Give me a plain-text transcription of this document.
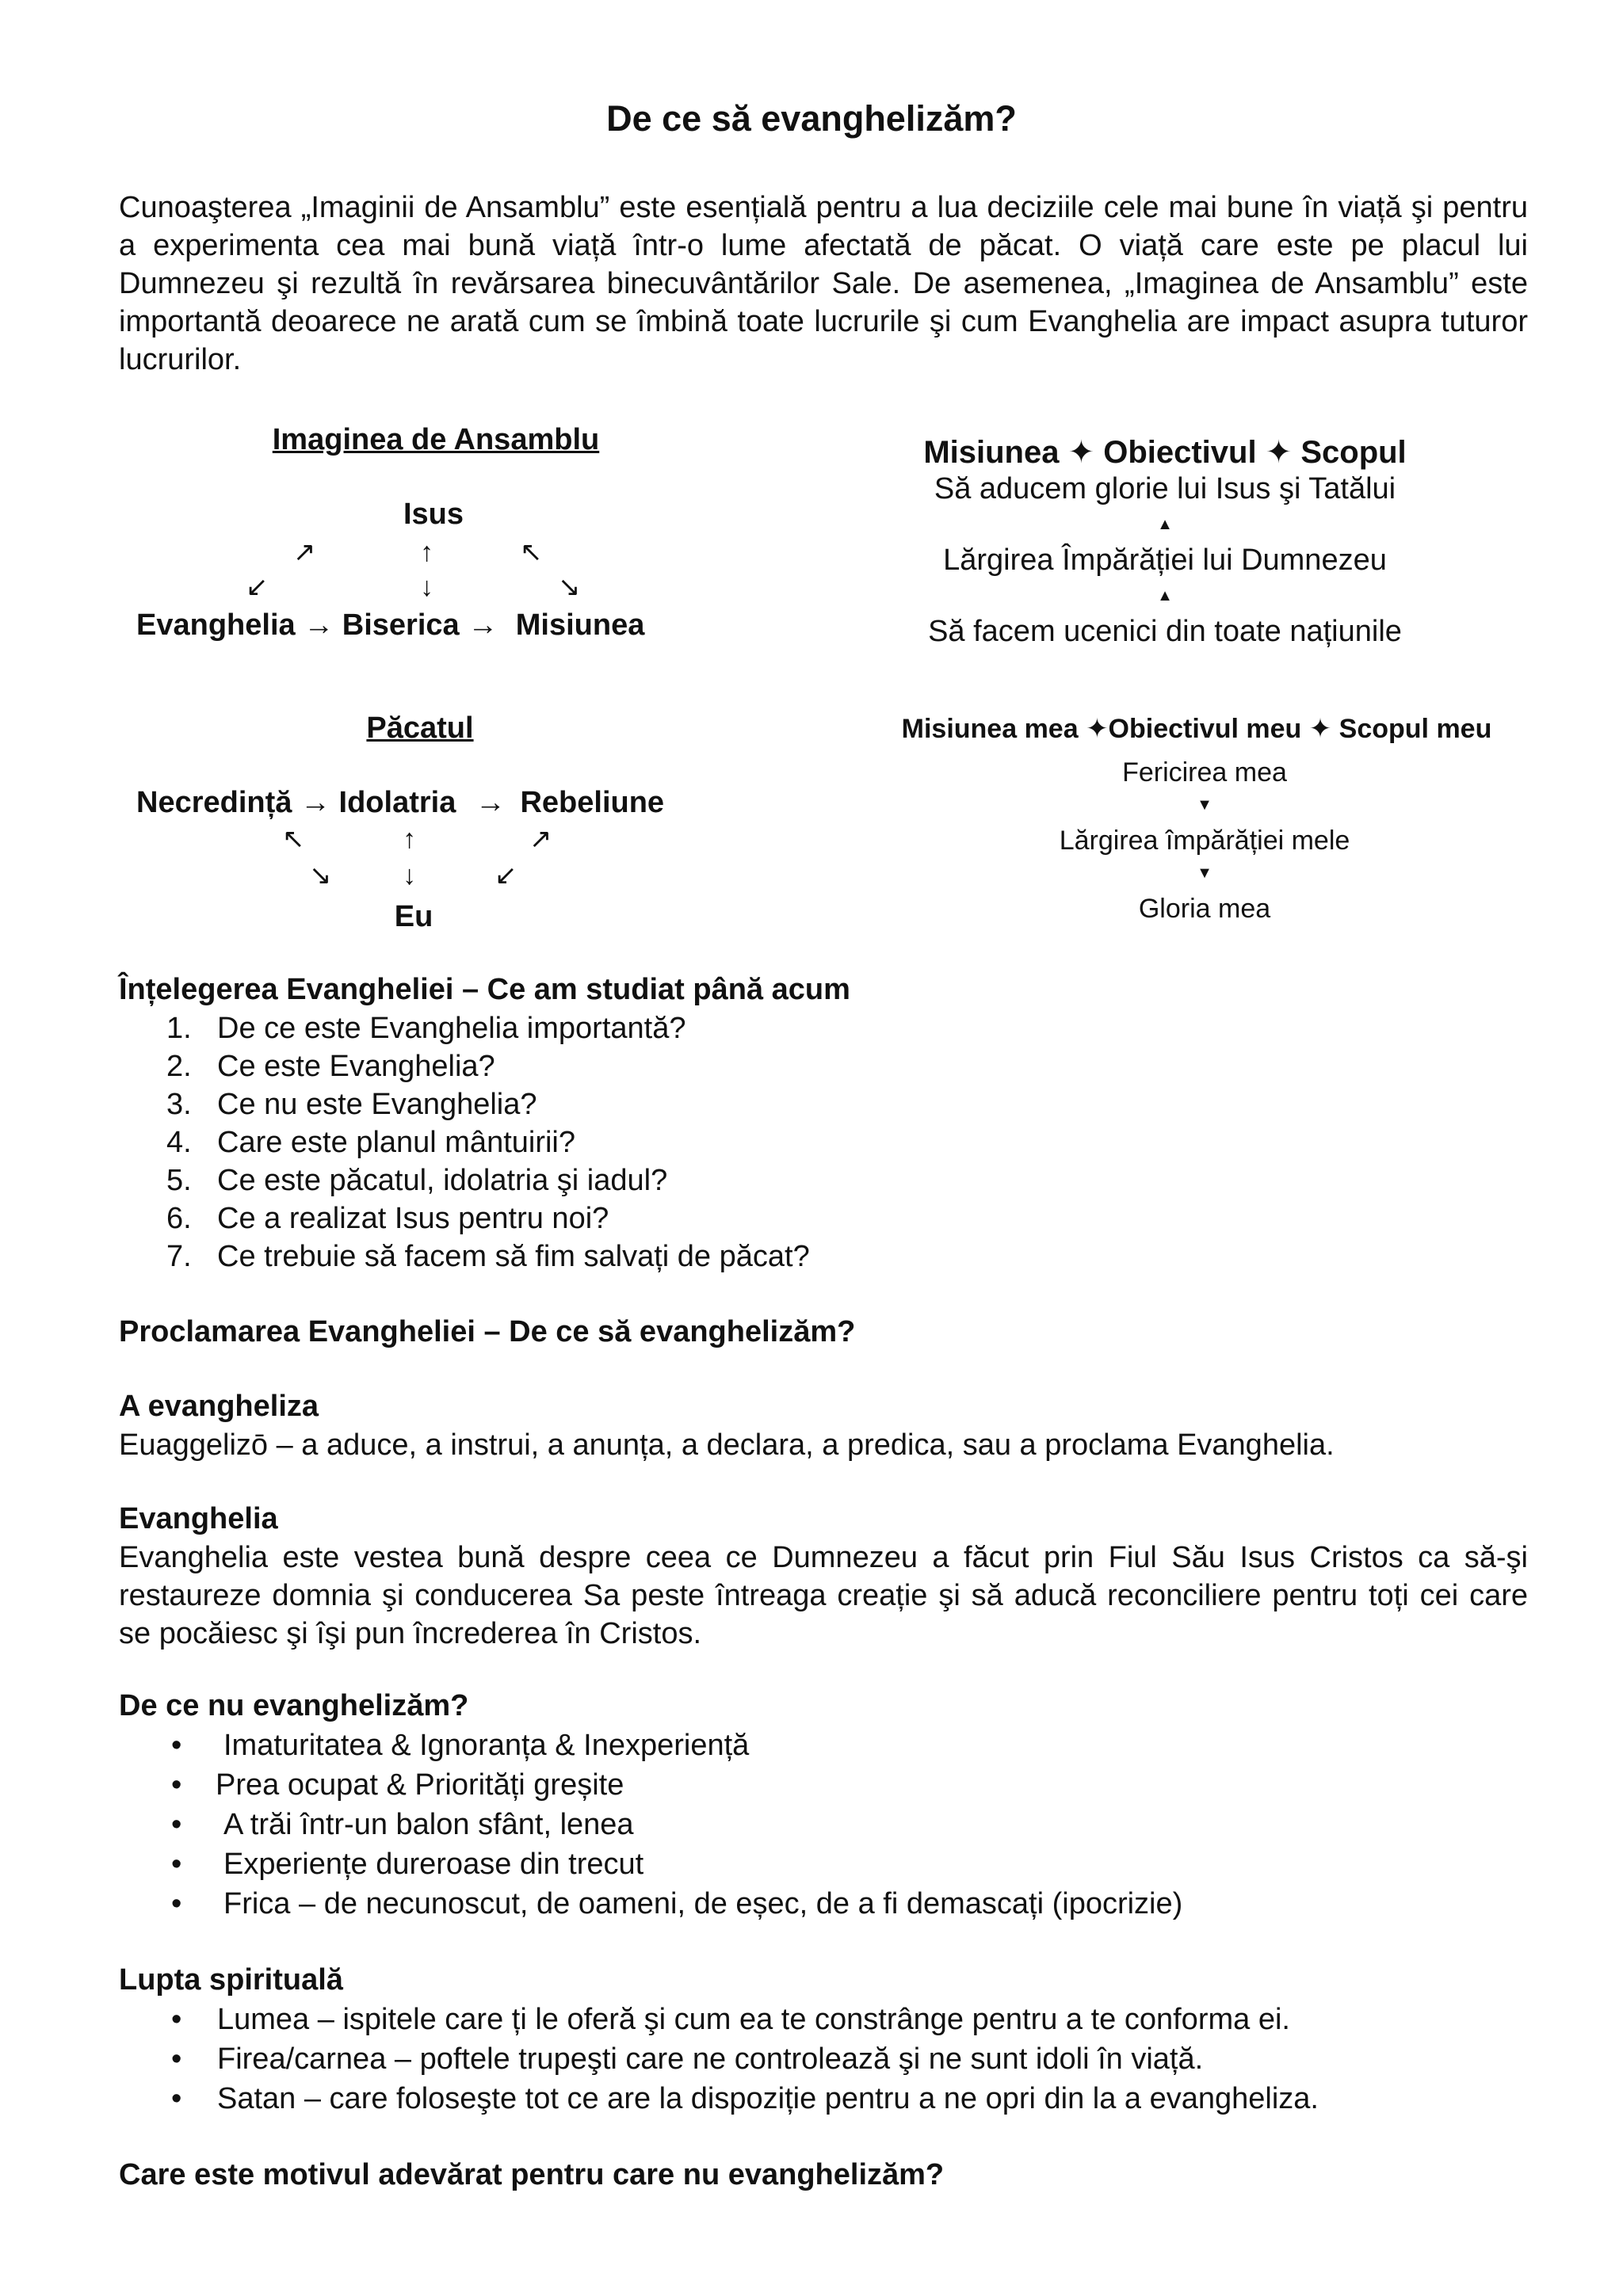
De ce să evanghelizăm?

Cunoaşterea „Imaginii de Ansamblu” este esențială pentru a lua deciziile cele mai bune în viață şi pentru a experimenta cea mai bună viață într-o lume afectată de păcat. O viață care este pe placul lui Dumnezeu şi rezultă în revărsarea binecuvântărilor Sale. De asemenea, „Imaginea de Ansamblu” este importantă deoarece ne arată cum se îmbină toate lucrurile şi cum Evanghelia are impact asupra tuturor lucrurilor.

Imaginea de Ansamblu
Isus
↗
↙
↑
↓
↖
↘
Evanghelia → Biserica → Misiunea
Misiunea ✦ Obiectivul ✦ Scopul
Să aducem glorie lui Isus şi Tatălui
▲
Lărgirea Împărăției lui Dumnezeu
▲
Să facem ucenici din toate națiunile
Păcatul
Necredință → Idolatria → Rebeliune
↖
↘
↑
↓
↗
↙
Eu
Misiunea mea ✦Obiectivul meu ✦ Scopul meu
Fericirea mea
▼
Lărgirea împărăției mele
▼
Gloria mea
Înțelegerea Evangheliei – Ce am studiat până acum
1. De ce este Evanghelia importantă?
2. Ce este Evanghelia?
3. Ce nu este Evanghelia?
4. Care este planul mântuirii?
5. Ce este păcatul, idolatria şi iadul?
6. Ce a realizat Isus pentru noi?
7. Ce trebuie să facem să fim salvați de păcat?
Proclamarea Evangheliei – De ce să evanghelizăm?
A evangheliza

Euaggelizō – a aduce, a instrui, a anunța, a declara, a predica, sau a proclama Evanghelia.

Evanghelia

Evanghelia este vestea bună despre ceea ce Dumnezeu a făcut prin Fiul Său Isus Cristos ca să-şi restaureze domnia şi conducerea Sa peste întreaga creație şi să aducă reconciliere pentru toți cei care se pocăiesc şi îşi pun încrederea în Cristos.

De ce nu evanghelizăm?
• Imaturitatea & Ignoranța & Inexperiență
• Prea ocupat & Priorități greșite
• A trăi într-un balon sfânt, lenea
• Experiențe dureroase din trecut
• Frica – de necunoscut, de oameni, de eșec, de a fi demascați (ipocrizie)
Lupta spirituală
• Lumea – ispitele care ți le oferă şi cum ea te constrânge pentru a te conforma ei.
• Firea/carnea – poftele trupeşti care ne controlează şi ne sunt idoli în viață.
• Satan – care foloseşte tot ce are la dispoziție pentru a ne opri din la a evangheliza.
Care este motivul adevărat pentru care nu evanghelizăm?
